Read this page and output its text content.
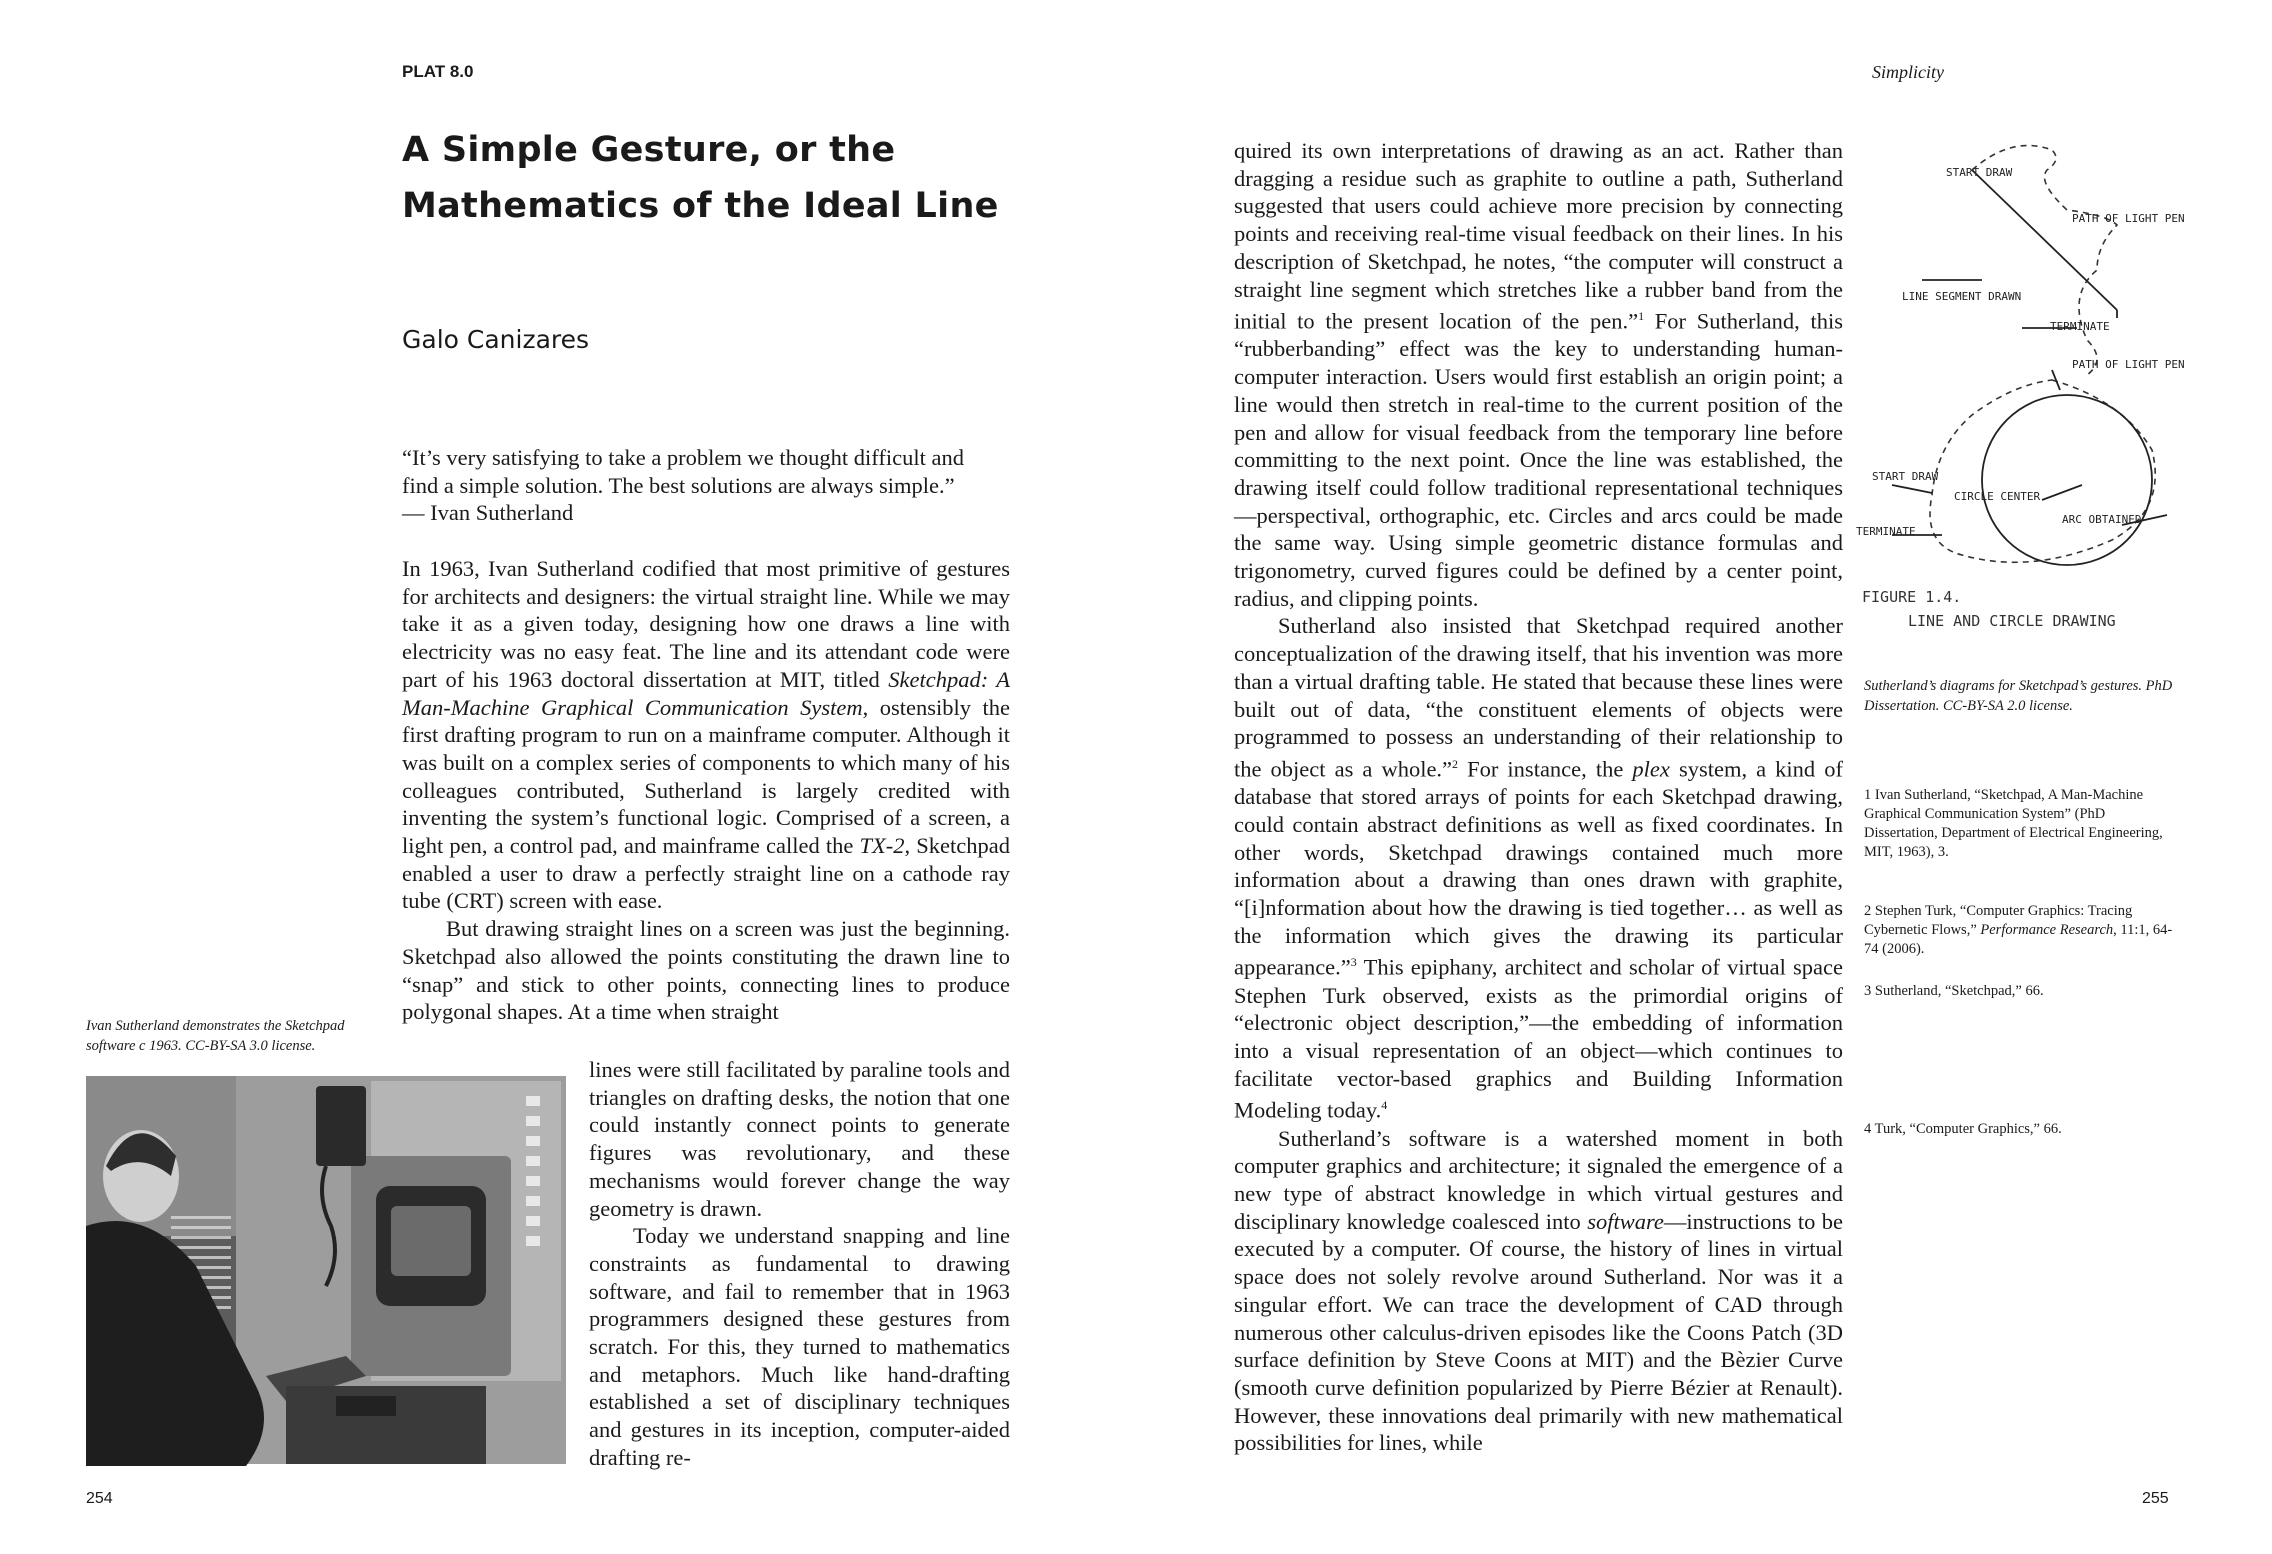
PLAT 8.0
A Simple Gesture, or the
Mathematics of the Ideal Line
Galo Canizares
“It’s very satisfying to take a problem we thought difficult and
find a simple solution. The best solutions are always simple.”
— Ivan Sutherland

In 1963, Ivan Sutherland codified that most primitive of gestures for architects and designers: the virtual straight line. While we may take it as a given today, designing how one draws a line with electricity was no easy feat. The line and its attendant code were part of his 1963 doctoral dissertation at MIT, titled Sketchpad: A Man-Machine Graphical Communication System, ostensibly the first drafting program to run on a mainframe computer. Although it was built on a complex series of components to which many of his colleagues contributed, Sutherland is largely credited with inventing the system’s functional logic. Comprised of a screen, a light pen, a control pad, and mainframe called the TX-2, Sketchpad enabled a user to draw a perfectly straight line on a cathode ray tube (CRT) screen with ease.

But drawing straight lines on a screen was just the beginning. Sketchpad also allowed the points constituting the drawn line to “snap” and stick to other points, connecting lines to produce polygonal shapes. At a time when straight

lines were still facilitated by paraline tools and triangles on drafting desks, the notion that one could instantly connect points to generate figures was revolutionary, and these mechanisms would forever change the way geometry is drawn.

Today we understand snapping and line constraints as fundamental to drawing software, and fail to remember that in 1963 programmers designed these gestures from scratch. For this, they turned to mathematics and metaphors. Much like hand-drafting established a set of disciplinary techniques and gestures in its inception, computer-aided drafting re-

Ivan Sutherland demonstrates the Sketchpad software c 1963. CC-BY-SA 3.0 license.
254
Simplicity

quired its own interpretations of drawing as an act. Rather than dragging a residue such as graphite to outline a path, Sutherland suggested that users could achieve more precision by connecting points and receiving real-time visual feedback on their lines. In his description of Sketchpad, he notes, “the computer will construct a straight line segment which stretches like a rubber band from the initial to the present location of the pen.”$^1$ For Sutherland, this “rubberbanding” effect was the key to understanding human-computer interaction. Users would first establish an origin point; a line would then stretch in real-time to the current position of the pen and allow for visual feedback from the temporary line before committing to the next point. Once the line was established, the drawing itself could follow traditional representational techniques—perspectival, orthographic, etc. Circles and arcs could be made the same way. Using simple geometric distance formulas and trigonometry, curved figures could be defined by a center point, radius, and clipping points.

Sutherland also insisted that Sketchpad required another conceptualization of the drawing itself, that his invention was more than a virtual drafting table. He stated that because these lines were built out of data, “the constituent elements of objects were programmed to possess an understanding of their relationship to the object as a whole.”$^2$ For instance, the plex system, a kind of database that stored arrays of points for each Sketchpad drawing, could contain abstract definitions as well as fixed coordinates. In other words, Sketchpad drawings contained much more information about a drawing than ones drawn with graphite, “[i]nformation about how the drawing is tied together… as well as the information which gives the drawing its particular appearance.”$^3$ This epiphany, architect and scholar of virtual space Stephen Turk observed, exists as the primordial origins of “electronic object description,”—the embedding of information into a visual representation of an object—which continues to facilitate vector-based graphics and Building Information Modeling today.$^4$

Sutherland’s software is a watershed moment in both computer graphics and architecture; it signaled the emergence of a new type of abstract knowledge in which virtual gestures and disciplinary knowledge coalesced into software—instructions to be executed by a computer. Of course, the history of lines in virtual space does not solely revolve around Sutherland. Nor was it a singular effort. We can trace the development of CAD through numerous other calculus-driven episodes like the Coons Patch (3D surface definition by Steve Coons at MIT) and the Bèzier Curve (smooth curve definition popularized by Pierre Bézier at Renault). However, these innovations deal primarily with new mathematical possibilities for lines, while

START DRAW
PATH OF LIGHT PEN
LINE SEGMENT DRAWN
TERMINATE
PATH OF LIGHT PEN
START DRAW
CIRCLE CENTER
ARC OBTAINED
TERMINATE
FIGURE 1.4.
LINE AND CIRCLE DRAWING
Sutherland’s diagrams for Sketchpad’s gestures. PhD Dissertation. CC-BY-SA 2.0 license.
1 Ivan Sutherland, “Sketchpad, A Man-Machine Graphical Communication System” (PhD Dissertation, Department of Electrical Engineering, MIT, 1963), 3.
2 Stephen Turk, “Computer Graphics: Tracing Cybernetic Flows,” Performance Research, 11:1, 64-74 (2006).
3 Sutherland, “Sketchpad,” 66.
4 Turk, “Computer Graphics,” 66.
255
